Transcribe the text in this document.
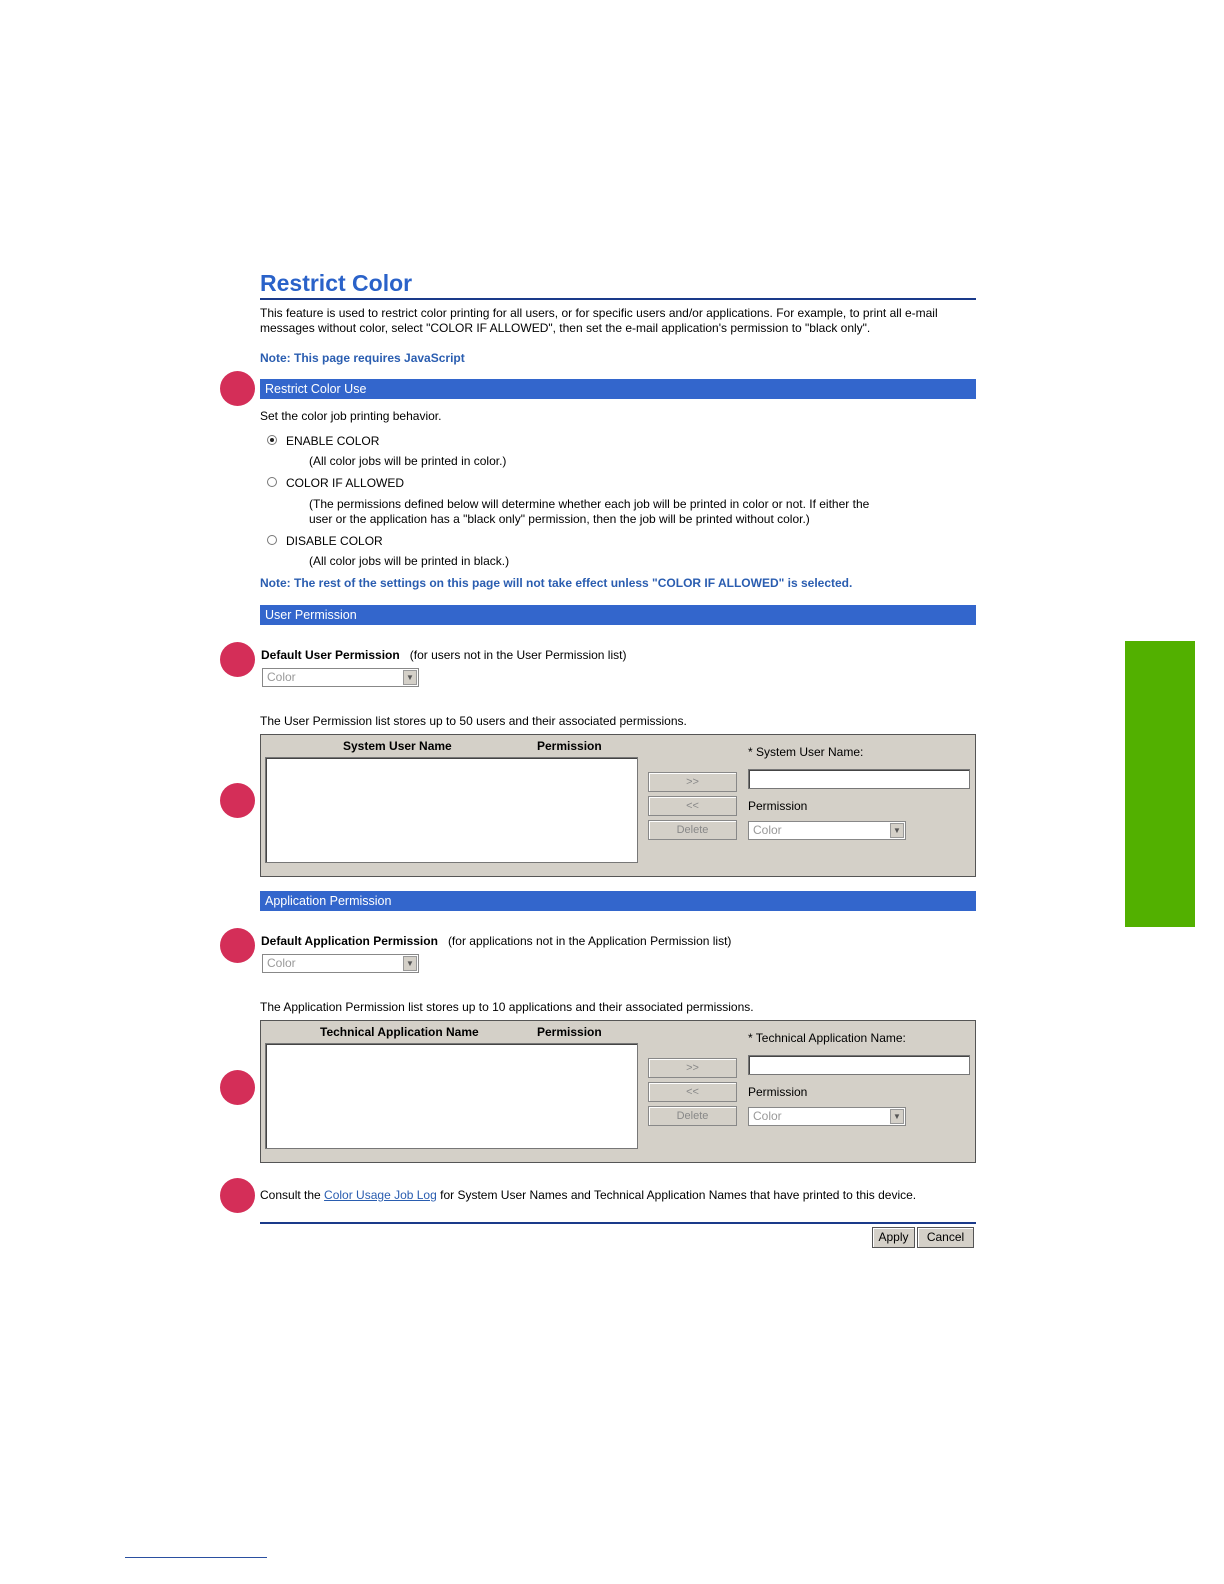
Restrict Color
This feature is used to restrict color printing for all users, or for specific users and/or applications. For example, to print all e-mail
messages without color, select "COLOR IF ALLOWED", then set the e-mail application's permission to "black only".
Note: This page requires JavaScript
Restrict Color Use
Set the color job printing behavior.
ENABLE COLOR
(All color jobs will be printed in color.)
COLOR IF ALLOWED
(The permissions defined below will determine whether each job will be printed in color or not. If either the
user or the application has a "black only" permission, then the job will be printed without color.)
DISABLE COLOR
(All color jobs will be printed in black.)
Note: The rest of the settings on this page will not take effect unless "COLOR IF ALLOWED" is selected.
User Permission
Default User Permission (for users not in the User Permission list)
Color	▼
The User Permission list stores up to 50 users and their associated permissions.
System User Name	Permission
>>
<<
Delete
* System User Name:
Permission
Color	▼
Application Permission
Default Application Permission (for applications not in the Application Permission list)
Color	▼
The Application Permission list stores up to 10 applications and their associated permissions.
Technical Application Name	Permission
>>
<<
Delete
* Technical Application Name:
Permission
Color	▼
Consult the Color Usage Job Log for System User Names and Technical Application Names that have printed to this device.
Apply	Cancel
